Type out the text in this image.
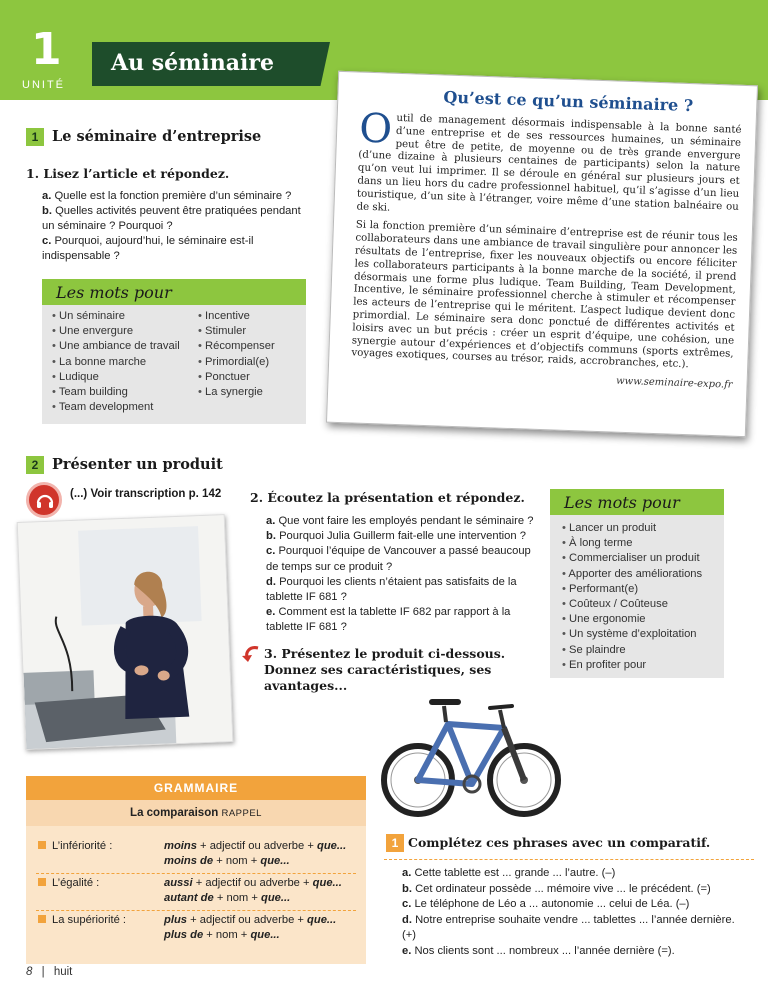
1
UNITÉ
Au séminaire
1 Le séminaire d’entreprise
1. Lisez l’article et répondez.
a. Quelle est la fonction première d’un séminaire ?
b. Quelles activités peuvent être pratiquées pendant un séminaire ? Pourquoi ?
c. Pourquoi, aujourd’hui, le séminaire est-il indispensable ?
Les mots pour
• Un séminaire
• Une envergure
• Une ambiance de travail
• La bonne marche
• Ludique
• Team building
• Team development
• Incentive
• Stimuler
• Récompenser
• Primordial(e)
• Ponctuer
• La synergie
Qu’est ce qu’un séminaire ?
Outil de management désormais indispensable à la bonne santé d’une entreprise et de ses ressources humaines, un séminaire peut être de petite, de moyenne ou de très grande envergure (d’une dizaine à plusieurs centaines de participants) selon la nature qu’on veut lui imprimer. Il se déroule en général sur plusieurs jours et dans un lieu hors du cadre professionnel habituel, qu’il s’agisse d’un lieu touristique, d’un site à l’étranger, voire même d’une station balnéaire ou de ski.
Si la fonction première d’un séminaire d’entreprise est de réunir tous les collaborateurs dans une ambiance de travail singulière pour annoncer les résultats de l’entreprise, fixer les nouveaux objectifs ou encore féliciter les collaborateurs participants à la bonne marche de la société, il prend désormais une forme plus ludique. Team Building, Team Development, Incentive, le séminaire professionnel cherche à stimuler et récompenser les acteurs de l’entreprise qui le méritent. L’aspect ludique devient donc primordial. Le séminaire sera donc ponctué de différentes activités et loisirs avec un but précis : créer un esprit d’équipe, une cohésion, une synergie autour d’expériences et d’objectifs communs (sports extrêmes, voyages exotiques, courses au trésor, raids, accrobranches, etc.).
www.seminaire-expo.fr
2 Présenter un produit
(...) Voir transcription p. 142 2. Écoutez la présentation et répondez.
a. Que vont faire les employés pendant le séminaire ?
b. Pourquoi Julia Guillerm fait-elle une intervention ?
c. Pourquoi l’équipe de Vancouver a passé beaucoup de temps sur ce produit ?
d. Pourquoi les clients n’étaient pas satisfaits de la tablette IF 681 ?
e. Comment est la tablette IF 682 par rapport à la tablette IF 681 ?
3. Présentez le produit ci-dessous. Donnez ses caractéristiques, ses avantages...
Les mots pour
• Lancer un produit
• À long terme
• Commercialiser un produit
• Apporter des améliorations
• Performant(e)
• Coûteux / Coûteuse
• Une ergonomie
• Un système d’exploitation
• Se plaindre
• En profiter pour
GRAMMAIRE
La comparaison RAPPEL
L’infériorité :	moins + adjectif ou adverbe + que...
moins de + nom + que...
L’égalité :	aussi + adjectif ou adverbe + que...
autant de + nom + que...
La supériorité :	plus + adjectif ou adverbe + que...
plus de + nom + que...
1 Complétez ces phrases avec un comparatif.
a. Cette tablette est ... grande ... l’autre. (–)
b. Cet ordinateur possède ... mémoire vive ... le précédent. (=)
c. Le téléphone de Léo a ... autonomie ... celui de Léa. (–)
d. Notre entreprise souhaite vendre ... tablettes ... l’année dernière. (+)
e. Nos clients sont ... nombreux ... l’année dernière (=).
8 | huit
